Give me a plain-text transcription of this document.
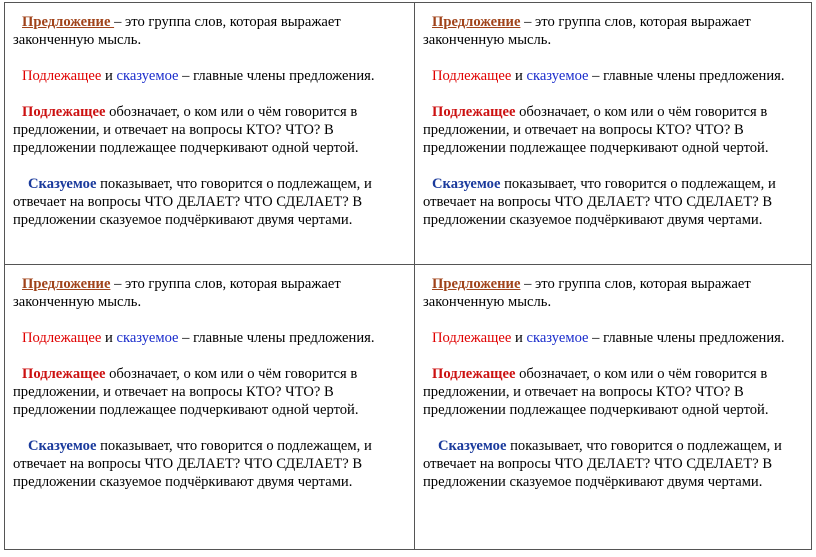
Предложение – это группа слов, которая выражает законченную мысль.

Подлежащее и сказуемое – главные члены предложения.

Подлежащее обозначает, о ком или о чём говорится в предложении, и отвечает на вопросы КТО? ЧТО? В предложении подлежащее подчеркивают одной чертой.

Сказуемое показывает, что говорится о подлежащем, и отвечает на вопросы ЧТО ДЕЛАЕТ? ЧТО СДЕЛАЕТ? В предложении сказуемое подчёркивают двумя чертами.

Предложение – это группа слов, которая выражает законченную мысль.

Подлежащее и сказуемое – главные члены предложения.

Подлежащее обозначает, о ком или о чём говорится в предложении, и отвечает на вопросы КТО? ЧТО? В предложении подлежащее подчеркивают одной чертой.

Сказуемое показывает, что говорится о подлежащем, и отвечает на вопросы ЧТО ДЕЛАЕТ? ЧТО СДЕЛАЕТ? В предложении сказуемое подчёркивают двумя чертами.

Предложение – это группа слов, которая выражает законченную мысль.

Подлежащее и сказуемое – главные члены предложения.

Подлежащее обозначает, о ком или о чём говорится в предложении, и отвечает на вопросы КТО? ЧТО? В предложении подлежащее подчеркивают одной чертой.

Сказуемое показывает, что говорится о подлежащем, и отвечает на вопросы ЧТО ДЕЛАЕТ? ЧТО СДЕЛАЕТ? В предложении сказуемое подчёркивают двумя чертами.

Предложение – это группа слов, которая выражает законченную мысль.

Подлежащее и сказуемое – главные члены предложения.

Подлежащее обозначает, о ком или о чём говорится в предложении, и отвечает на вопросы КТО? ЧТО? В предложении подлежащее подчеркивают одной чертой.

Сказуемое показывает, что говорится о подлежащем, и отвечает на вопросы ЧТО ДЕЛАЕТ? ЧТО СДЕЛАЕТ? В предложении сказуемое подчёркивают двумя чертами.
